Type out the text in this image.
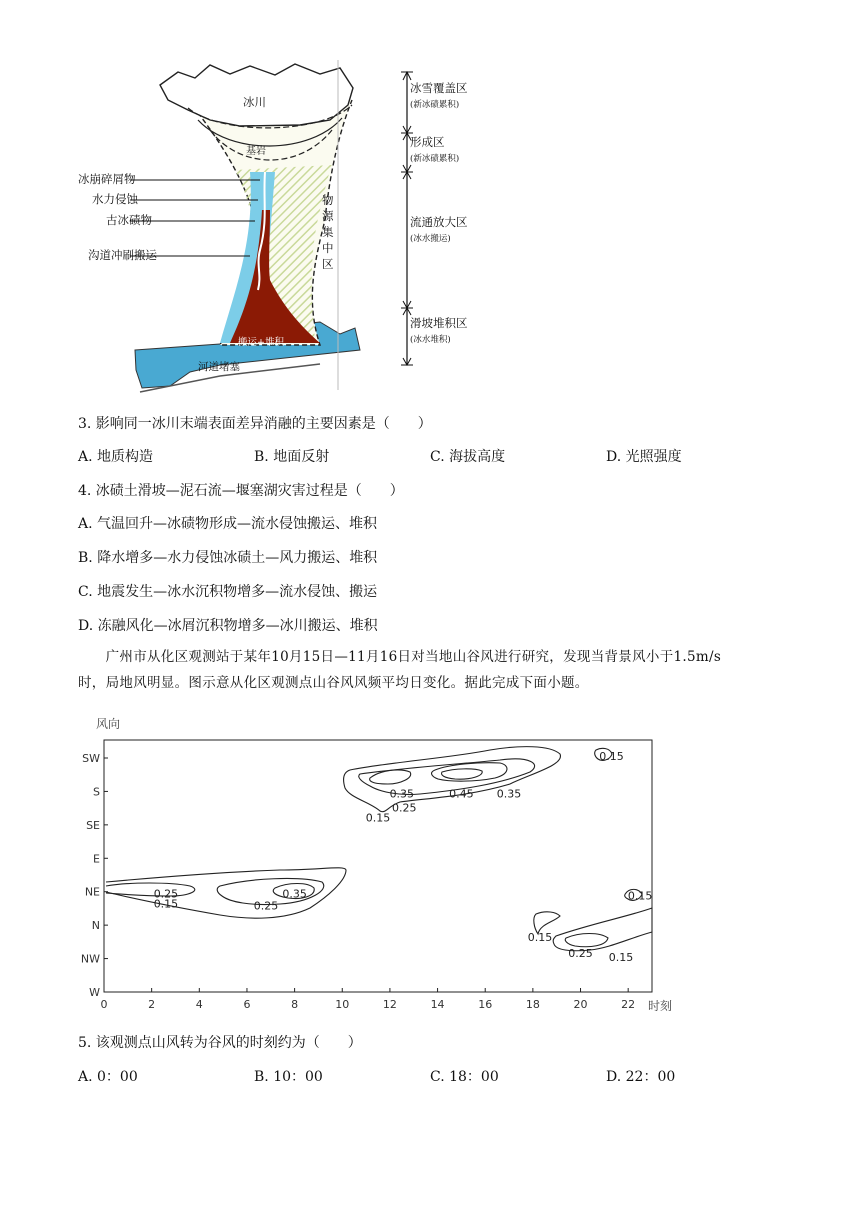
冰川
基岩
冰崩碎屑物
水力侵蚀
古冰碛物
沟道冲刷搬运
物
源
集
中
区
搬运+堆积
河道堵塞
冰雪覆盖区
(新冰碛累积)
形成区
(新冰碛累积)
流通放大区
(冰水搬运)
滑坡堆积区
(冰水堆积)
3. 影响同一冰川末端表面差异消融的主要因素是（　　）
A. 地质构造	B. 地面反射	C. 海拔高度	D. 光照强度
4. 冰碛土滑坡—泥石流—堰塞湖灾害过程是（　　）
A. 气温回升—冰碛物形成—流水侵蚀搬运、堆积
B. 降水增多—水力侵蚀冰碛土—风力搬运、堆积
C. 地震发生—冰水沉积物增多—流水侵蚀、搬运
D. 冻融风化—冰屑沉积物增多—冰川搬运、堆积
　　广州市从化区观测站于某年10月15日—11月16日对当地山谷风进行研究，发现当背景风小于1.5m/s
时，局地风明显。图示意从化区观测点山谷风风频平均日变化。据此完成下面小题。
0	2	4	6	8	10	12	14	16	18	20	22
SW
S
SE
E
NE
N
NW
W
0.15
0.35	0.45 0.35
0.25
0.15
0.25
0.15
0.35
0.25
0.15
0.15
0.25 0.15
风向
时刻
5. 该观测点山风转为谷风的时刻约为（　　）
A. 0：00	B. 10：00	C. 18：00	D. 22：00
